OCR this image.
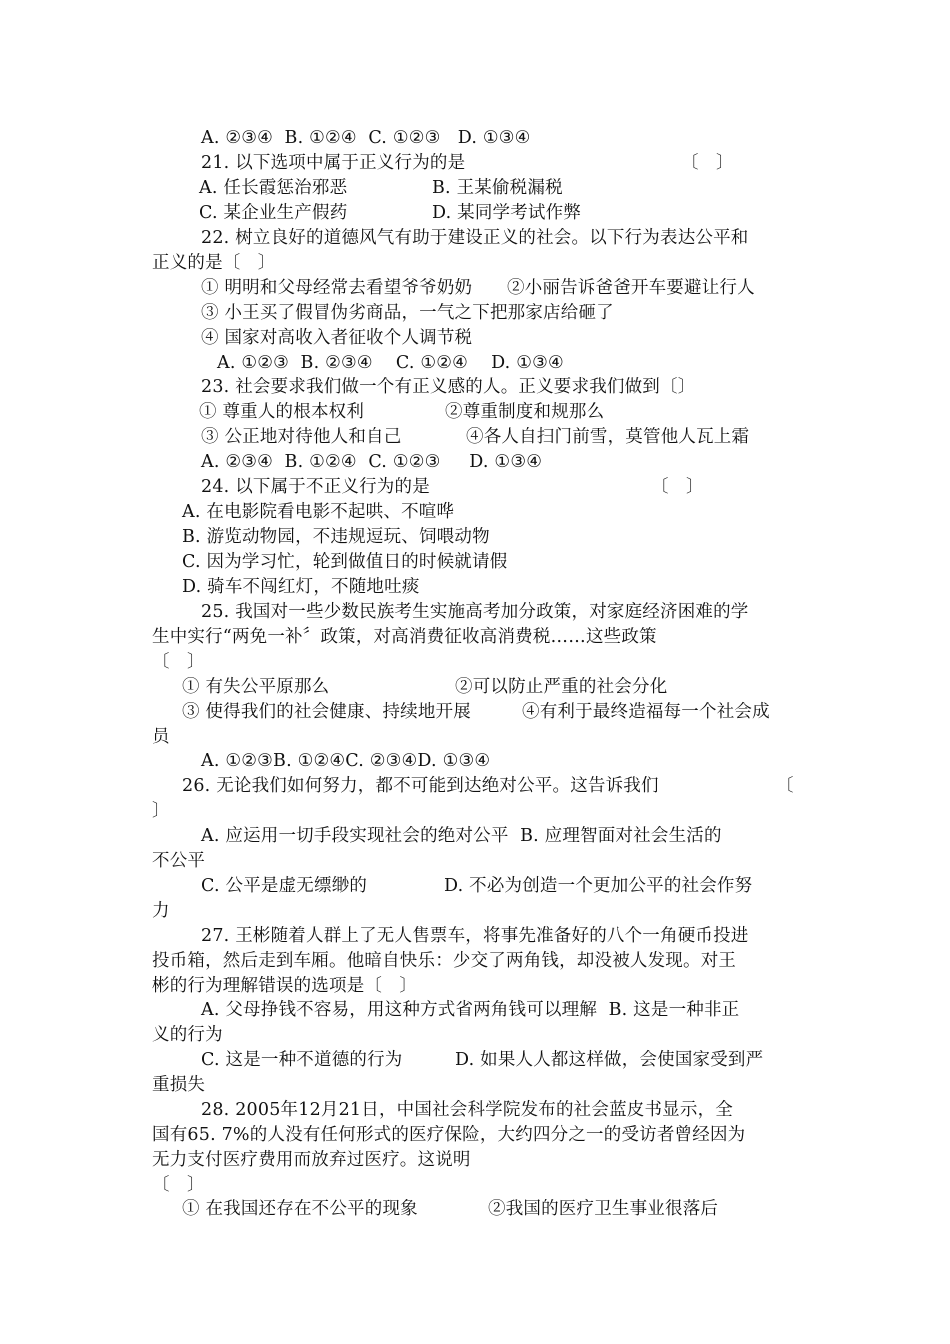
A. ②③④  B. ①②④  C. ①②③   D. ①③④
21. 以下选项中属于正义行为的是	〔   〕
A. 任长霞惩治邪恶	B. 王某偷税漏税
C. 某企业生产假药	D. 某同学考试作弊
22. 树立良好的道德风气有助于建设正义的社会。以下行为表达公平和
正义的是〔   〕
① 明明和父母经常去看望爷爷奶奶 ②小丽告诉爸爸开车要避让行人
③ 小王买了假冒伪劣商品，一气之下把那家店给砸了
④ 国家对高收入者征收个人调节税
A. ①②③  B. ②③④    C. ①②④    D. ①③④
23. 社会要求我们做一个有正义感的人。正义要求我们做到〔〕
① 尊重人的根本权利	②尊重制度和规那么
③ 公正地对待他人和自己	④各人自扫门前雪，莫管他人瓦上霜
A. ②③④  B. ①②④  C. ①②③     D. ①③④
24. 以下属于不正义行为的是	〔   〕
A. 在电影院看电影不起哄、不喧哗
B. 游览动物园，不违规逗玩、饲喂动物
C. 因为学习忙，轮到做值日的时候就请假
D. 骑车不闯红灯，不随地吐痰
25. 我国对一些少数民族考生实施高考加分政策，对家庭经济困难的学
生中实行“两免一补〞政策，对高消费征收高消费税……这些政策
〔   〕
① 有失公平原那么	②可以防止严重的社会分化
③ 使得我们的社会健康、持续地开展	④有利于最终造福每一个社会成
员
A. ①②③B. ①②④C. ②③④D. ①③④
26. 无论我们如何努力，都不可能到达绝对公平。这告诉我们	〔
〕
A. 应运用一切手段实现社会的绝对公平  B. 应理智面对社会生活的
不公平
C. 公平是虚无缥缈的	D. 不必为创造一个更加公平的社会作努
力
27. 王彬随着人群上了无人售票车，将事先准备好的八个一角硬币投进
投币箱，然后走到车厢。他暗自快乐：少交了两角钱，却没被人发现。对王
彬的行为理解错误的选项是〔   〕
A. 父母挣钱不容易，用这种方式省两角钱可以理解  B. 这是一种非正
义的行为
C. 这是一种不道德的行为	D. 如果人人都这样做，会使国家受到严
重损失
28. 2005年12月21日，中国社会科学院发布的社会蓝皮书显示，全
国有65. 7%的人没有任何形式的医疗保险，大约四分之一的受访者曾经因为
无力支付医疗费用而放弃过医疗。这说明
〔   〕
① 在我国还存在不公平的现象	②我国的医疗卫生事业很落后
